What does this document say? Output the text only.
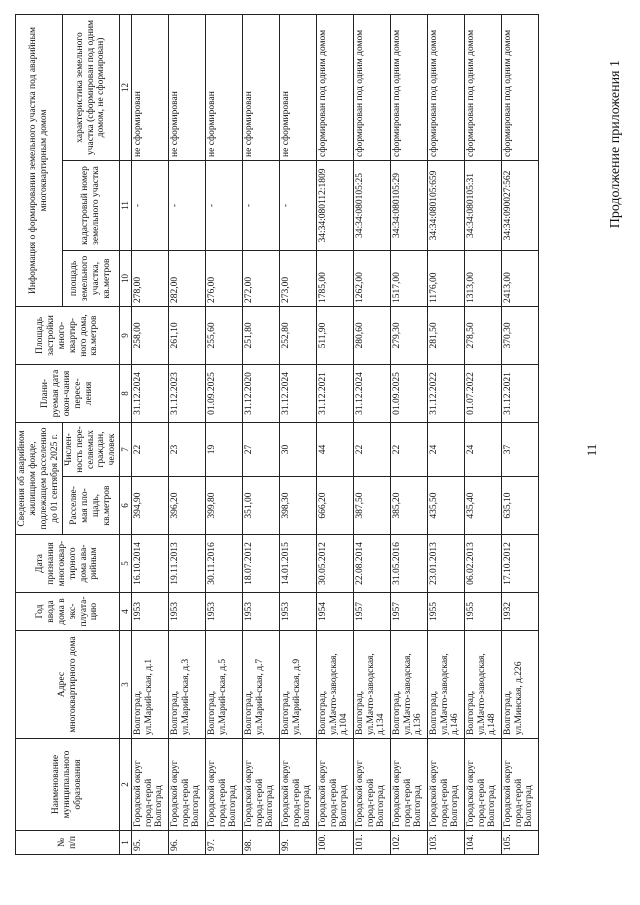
№ п/п	Наименование муниципального образования	Адрес многоквартирного дома	Год ввода дома в экс-плуата-цию	Дата признания многоквар-тирного дома ава-рийным	Сведения об аварийном жилищном фонде, подлежащем расселению до 01 сентября 2025 г.		Плани-руемая дата окон-чания пересе-ления	Площадь застройки много-квартир-ного дома, кв.метров	Информация о формировании земельного участка под аварийным многоквартирным домом		
					Расселяе-мая пло-щадь, кв.метров	Числен-ность пере-селяемых граждан, человек			площадь земельного участка, кв.метров	кадастровый номер земельного участка	характеристика земельного участка (сформирован под одним домом, не сформирован)
1	2	3	4	5	6	7	8	9	10	11	12
95.	Городской округ город-герой Волгоград	Волгоград, ул.Марий-ская, д.1	1953	16.10.2014	394,90	22	31.12.2024	258,00	278,00	-	не сформирован
96.	Городской округ город-герой Волгоград	Волгоград, ул.Марий-ская, д.3	1953	19.11.2013	396,20	23	31.12.2023	261,10	282,00	-	не сформирован
97.	Городской округ город-герой Волгоград	Волгоград, ул.Марий-ская, д.5	1953	30.11.2016	399,80	19	01.09.2025	255,60	276,00	-	не сформирован
98.	Городской округ город-герой Волгоград	Волгоград, ул.Марий-ская, д.7	1953	18.07.2012	351,00	27	31.12.2020	251,80	272,00	-	не сформирован
99.	Городской округ город-герой Волгоград	Волгоград, ул.Марий-ская, д.9	1953	14.01.2015	398,30	30	31.12.2024	252,80	273,00	-	не сформирован
100.	Городской округ город-герой Волгоград	Волгоград, ул.Мачто-заводская, д.104	1954	30.05.2012	666,20	44	31.12.2021	511,90	1785,00	34:34:080112:1809	сформирован под одним домом
101.	Городской округ город-герой Волгоград	Волгоград, ул.Мачто-заводская, д.134	1957	22.08.2014	387,50	22	31.12.2024	280,60	1262,00	34:34:080105:25	сформирован под одним домом
102.	Городской округ город-герой Волгоград	Волгоград, ул.Мачто-заводская, д.136	1957	31.05.2016	385,20	22	01.09.2025	279,30	1517,00	34:34:080105:29	сформирован под одним домом
103.	Городской округ город-герой Волгоград	Волгоград, ул.Мачто-заводская, д.146	1955	23.01.2013	435,50	24	31.12.2022	281,50	1176,00	34:34:080105:659	сформирован под одним домом
104.	Городской округ город-герой Волгоград	Волгоград, ул.Мачто-заводская, д.148	1955	06.02.2013	435,40	24	01.07.2022	278,50	1313,00	34:34:080105:31	сформирован под одним домом
105.	Городской округ город-герой Волгоград	Волгоград, ул.Минская, д.226	1932	17.10.2012	635,10	37	31.12.2021	370,30	2413,00	34:34:090027:562	сформирован под одним домом
11
Продолжение приложения 1
